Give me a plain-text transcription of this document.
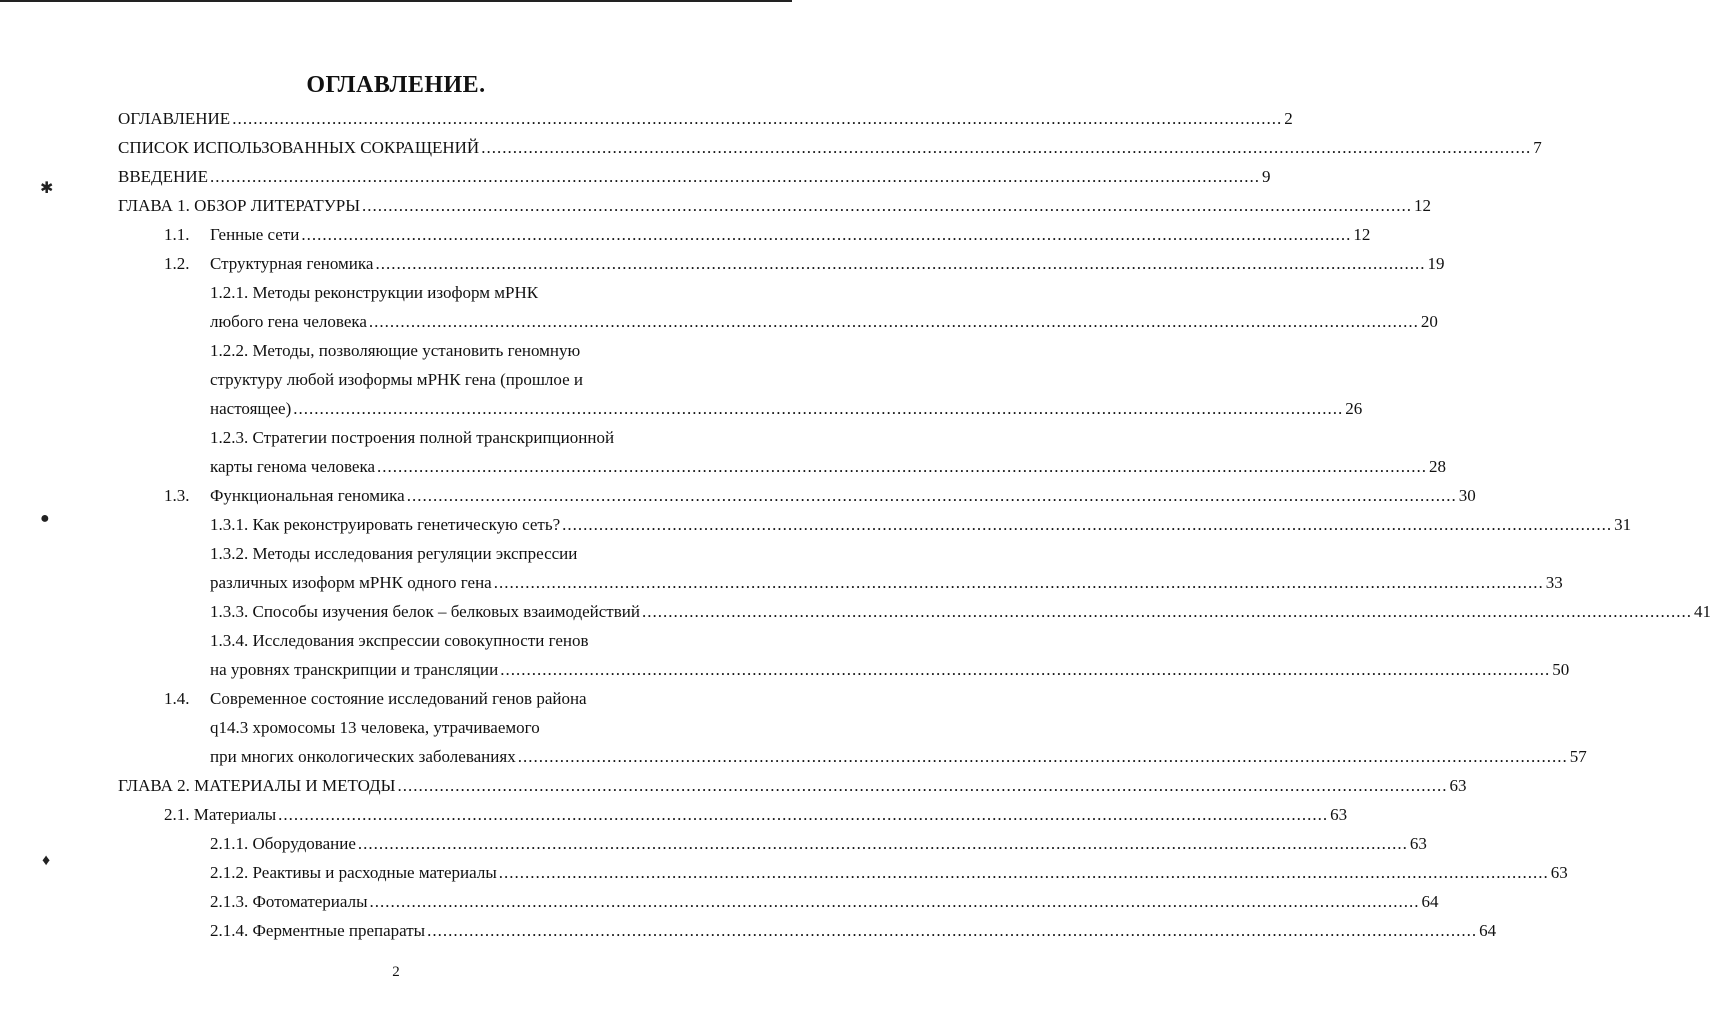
✱
●
♦
ОГЛАВЛЕНИЕ.
ОГЛАВЛЕНИЕ ........................................................................................................................................................................................................ 2
СПИСОК ИСПОЛЬЗОВАННЫХ СОКРАЩЕНИЙ ........................................................................................................................................................................................................ 7
ВВЕДЕНИЕ ........................................................................................................................................................................................................ 9
ГЛАВА 1. ОБЗОР ЛИТЕРАТУРЫ ........................................................................................................................................................................................................ 12
1.1.	Генные сети ........................................................................................................................................................................................................ 12
1.2.	Структурная геномика ........................................................................................................................................................................................................ 19
1.2.1. Методы реконструкции изоформ мРНК
любого гена человека ........................................................................................................................................................................................................ 20
1.2.2. Методы, позволяющие установить геномную
структуру любой изоформы мРНК гена (прошлое и
настоящее) ........................................................................................................................................................................................................ 26
1.2.3. Стратегии построения полной транскрипционной
карты генома человека ........................................................................................................................................................................................................ 28
1.3.	Функциональная геномика ........................................................................................................................................................................................................ 30
1.3.1. Как реконструировать генетическую сеть? ........................................................................................................................................................................................................ 31
1.3.2. Методы исследования регуляции экспрессии
различных изоформ мРНК одного гена ........................................................................................................................................................................................................ 33
1.3.3. Способы изучения белок – белковых взаимодействий ........................................................................................................................................................................................................ 41
1.3.4. Исследования экспрессии совокупности генов
на уровнях транскрипции и трансляции ........................................................................................................................................................................................................ 50
1.4. Современное состояние исследований генов района
q14.3 хромосомы 13 человека, утрачиваемого
при многих онкологических заболеваниях ........................................................................................................................................................................................................ 57
ГЛАВА 2. МАТЕРИАЛЫ И МЕТОДЫ ........................................................................................................................................................................................................ 63
2.1. Материалы ........................................................................................................................................................................................................ 63
2.1.1. Оборудование ........................................................................................................................................................................................................ 63
2.1.2. Реактивы и расходные материалы ........................................................................................................................................................................................................ 63
2.1.3. Фотоматериалы ........................................................................................................................................................................................................ 64
2.1.4. Ферментные препараты ........................................................................................................................................................................................................ 64
2
